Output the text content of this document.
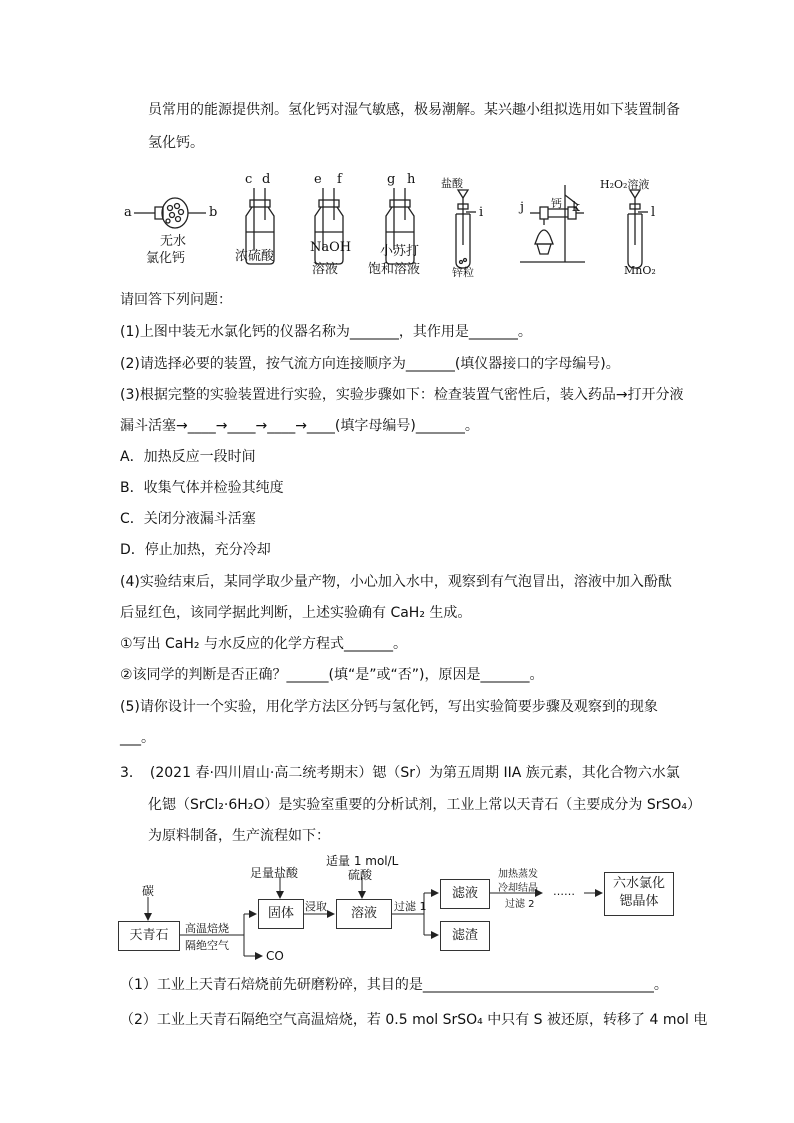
员常用的能源提供剂。氢化钙对湿气敏感，极易潮解。某兴趣小组拟选用如下装置制备
氢化钙。
a	b
无水
氯化钙
c d
浓硫酸
e f
NaOH
溶液
g h
小苏打
饱和溶液
盐酸
i
锌粒
j 钙 k
H₂O₂溶液
l
MnO₂
请回答下列问题：
(1)上图中装无水氯化钙的仪器名称为_______，其作用是_______。
(2)请选择必要的装置，按气流方向连接顺序为_______(填仪器接口的字母编号)。
(3)根据完整的实验装置进行实验，实验步骤如下：检查装置气密性后，装入药品→打开分液
漏斗活塞→____→____→____→____(填字母编号)_______。
A．加热反应一段时间
B．收集气体并检验其纯度
C．关闭分液漏斗活塞
D．停止加热，充分冷却
(4)实验结束后，某同学取少量产物，小心加入水中，观察到有气泡冒出，溶液中加入酚酞
后显红色，该同学据此判断，上述实验确有 CaH₂ 生成。
①写出 CaH₂ 与水反应的化学方程式_______。
②该同学的判断是否正确？______(填“是”或“否”)，原因是_______。
(5)请你设计一个实验，用化学方法区分钙与氢化钙，写出实验简要步骤及观察到的现象
___。
3．　(2021 春·四川眉山·高二统考期末）锶（Sr）为第五周期 IIA 族元素，其化合物六水氯
化锶（SrCl₂·6H₂O）是实验室重要的分析试剂，工业上常以天青石（主要成分为 SrSO₄）
为原料制备，生产流程如下：
碳
天青石	高温焙烧
隔绝空气
CO
足量盐酸
固体	浸取
适量 1 mol/L
硫酸
溶液	过滤 1
滤液
滤渣
加热蒸发
冷却结晶
过滤 2
……
六水氯化
锶晶体
（1）工业上天青石焙烧前先研磨粉碎，其目的是_________________________________。
（2）工业上天青石隔绝空气高温焙烧，若 0.5 mol SrSO₄ 中只有 S 被还原，转移了 4 mol 电
